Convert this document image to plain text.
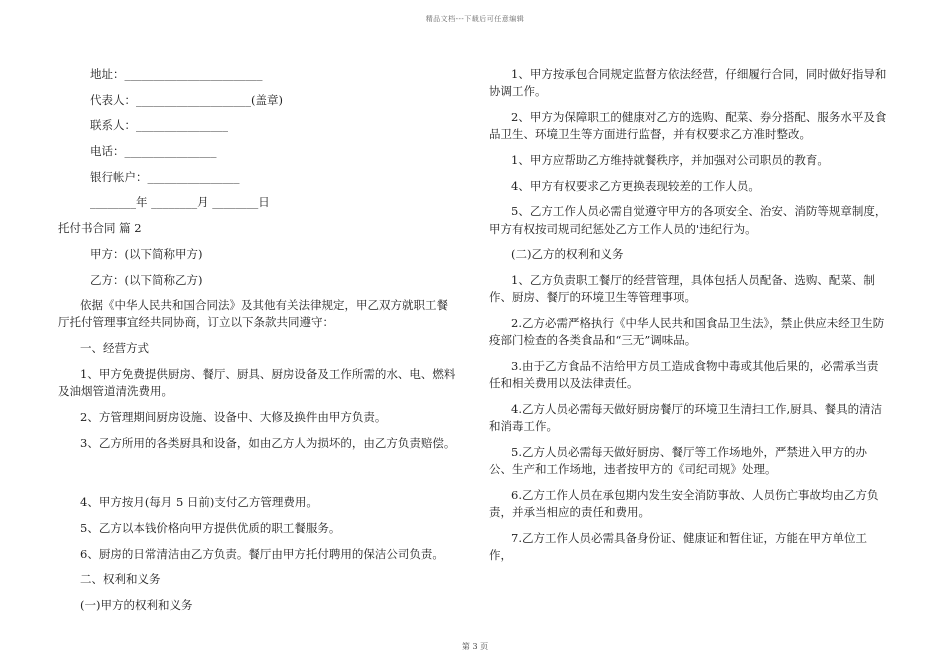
精品文档---下载后可任意编辑

地址：________________________

代表人：____________________(盖章)

联系人：________________

电话：________________

银行帐户：________________

________年 ________月 ________日

托付书合同 篇 2

甲方：(以下简称甲方)

乙方：(以下简称乙方)

依据《中华人民共和国合同法》及其他有关法律规定，甲乙双方就职工餐厅托付管理事宜经共同协商，订立以下条款共同遵守：

一、经营方式

1、甲方免费提供厨房、餐厅、厨具、厨房设备及工作所需的水、电、燃料及油烟管道清洗费用。

2、方管理期间厨房设施、设备中、大修及换件由甲方负责。

3、乙方所用的各类厨具和设备，如由乙方人为损坏的，由乙方负责赔偿。

4、甲方按月(每月 5 日前)支付乙方管理费用。

5、乙方以本钱价格向甲方提供优质的职工餐服务。

6、厨房的日常清洁由乙方负责。餐厅由甲方托付聘用的保洁公司负责。

二、权利和义务

(一)甲方的权利和义务

1、甲方按承包合同规定监督方依法经营，仔细履行合同，同时做好指导和协调工作。

2、甲方为保障职工的健康对乙方的选购、配菜、券分搭配、服务水平及食品卫生、环境卫生等方面进行监督，并有权要求乙方准时整改。

1、甲方应帮助乙方维持就餐秩序，并加强对公司职员的教育。

4、甲方有权要求乙方更换表现较差的工作人员。

5、乙方工作人员必需自觉遵守甲方的各项安全、治安、消防等规章制度，甲方有权按司规司纪惩处乙方工作人员的'违纪行为。

(二)乙方的权利和义务

1、乙方负责职工餐厅的经营管理，具体包括人员配备、选购、配菜、制作、厨房、餐厅的环境卫生等管理事项。

2.乙方必需严格执行《中华人民共和国食品卫生法》，禁止供应未经卫生防疫部门检查的各类食品和“三无”调味品。

3.由于乙方食品不洁给甲方员工造成食物中毒或其他后果的，必需承当责任和相关费用以及法律责任。

4.乙方人员必需每天做好厨房餐厅的环境卫生清扫工作,厨具、餐具的清洁和消毒工作。

5.乙方人员必需每天做好厨房、餐厅等工作场地外，严禁进入甲方的办公、生产和工作场地，违者按甲方的《司纪司规》处理。

6.乙方工作人员在承包期内发生安全消防事故、人员伤亡事故均由乙方负责，并承当相应的责任和费用。

7.乙方工作人员必需具备身份证、健康证和暂住证，方能在甲方单位工作，

第 3 页
